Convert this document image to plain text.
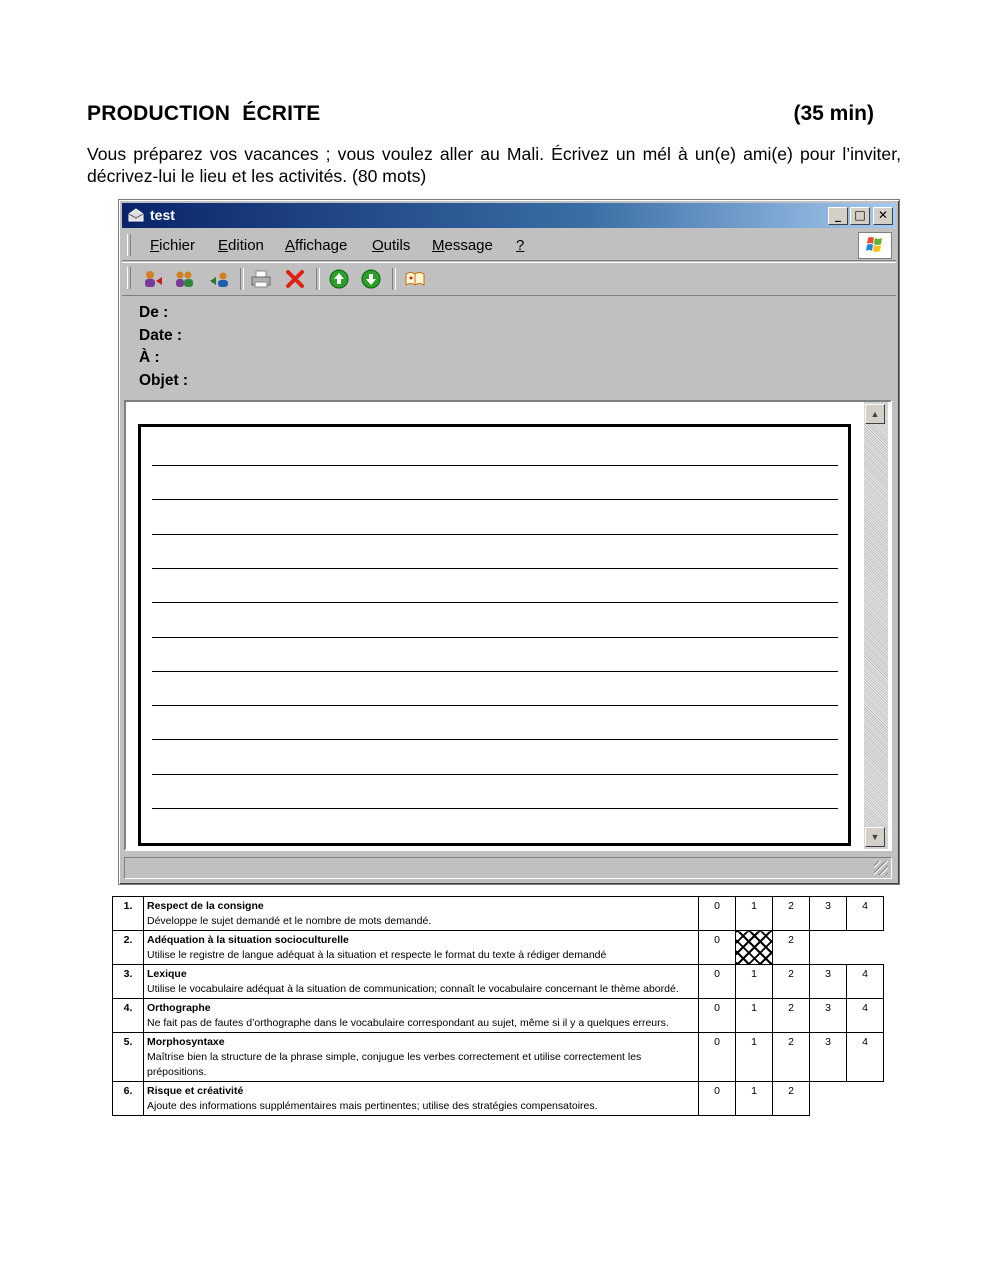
PRODUCTION  ÉCRITE	(35 min)
Vous préparez vos vacances ; vous voulez aller au Mali. Écrivez un mél à un(e) ami(e) pour l’inviter, décrivez-lui le lieu et les activités. (80 mots)
test	_	□	✕
Fichier Edition Affichage Outils Message ?
De :
Date :
À :
Objet :
▲
▼
1.	Respect de la consigne
Développe le sujet demandé et le nombre de mots demandé.	0	1	2	3	4
2.	Adéquation à la situation socioculturelle
Utilise le registre de langue adéquat à la situation et respecte le format du texte à rédiger demandé	0		2		
3.	Lexique
Utilise le vocabulaire adéquat à la situation de communication; connaît le vocabulaire concernant le thème abordé.	0	1	2	3	4
4.	Orthographe
Ne fait pas de fautes d’orthographe dans le vocabulaire correspondant au sujet, même si il y a quelques erreurs.	0	1	2	3	4
5.	Morphosyntaxe
Maîtrise bien la structure de la phrase simple, conjugue les verbes correctement et utilise correctement les prépositions.	0	1	2	3	4
6.	Risque et créativité
Ajoute des informations supplémentaires mais pertinentes; utilise des stratégies compensatoires.	0	1	2		
